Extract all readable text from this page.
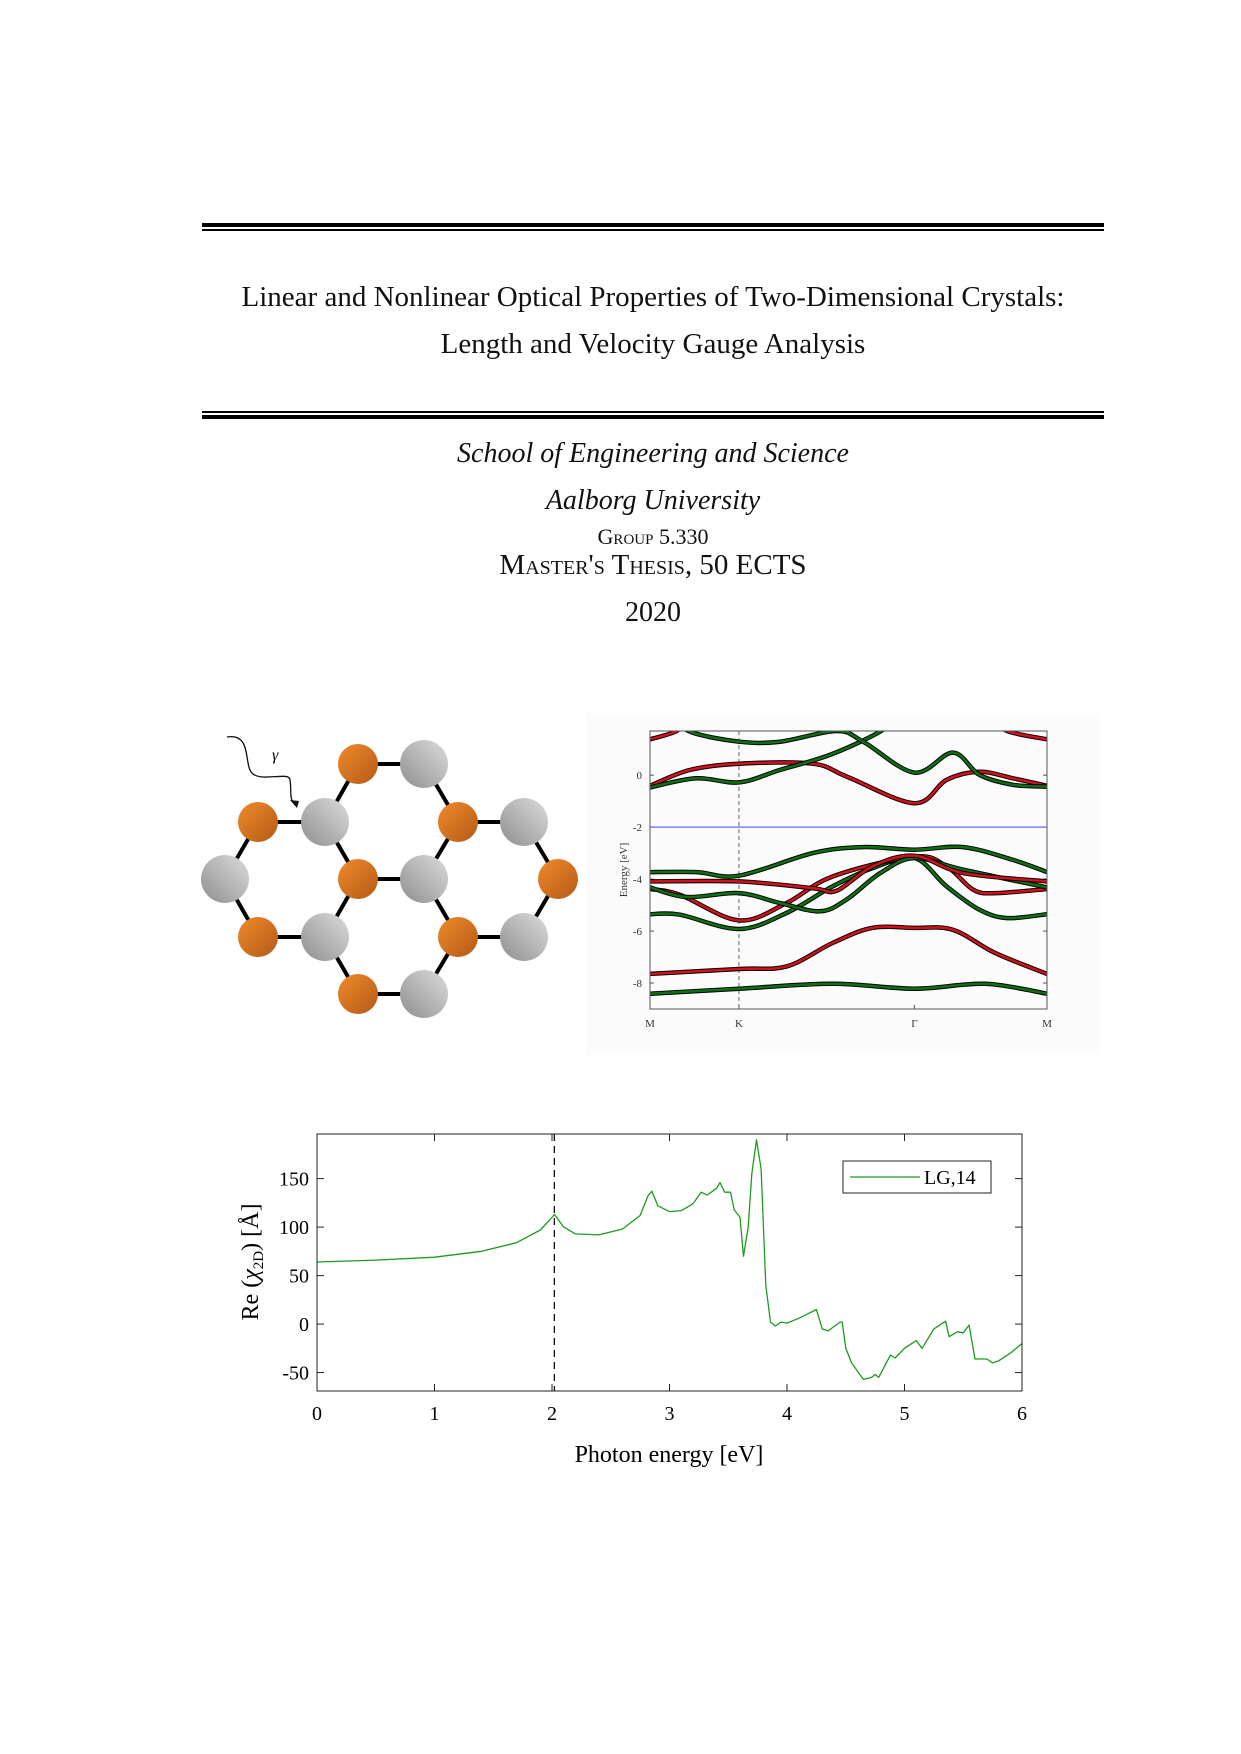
Linear and Nonlinear Optical Properties of Two-Dimensional Crystals:
Length and Velocity Gauge Analysis
School of Engineering and Science
Aalborg University
Group 5.330
Master's Thesis, 50 ECTS
2020
γ
0
-2
-4
-6
-8
M	K	Γ	M
Energy [eV]
150
100
50
0
-50
0	1	2	3	4	5	6
LG,14
Photon energy [eV]
Re $(\chi_{2D})$ [Å]
